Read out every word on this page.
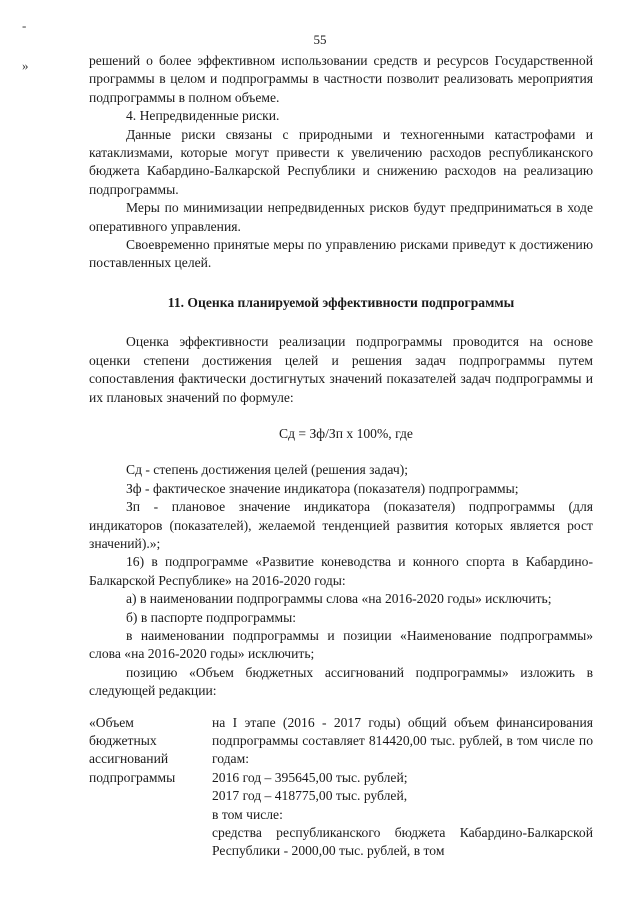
55
-
»	решений о более эффективном использовании средств и ресурсов Государственной программы в целом и подпрограммы в частности позволит реализовать мероприятия подпрограммы в полном объеме.

4. Непредвиденные риски.

Данные риски связаны с природными и техногенными катастрофами и катаклизмами, которые могут привести к увеличению расходов республиканского бюджета Кабардино-Балкарской Республики и снижению расходов на реализацию подпрограммы.

Меры по минимизации непредвиденных рисков будут предприниматься в ходе оперативного управления.

Своевременно принятые меры по управлению рисками приведут к достижению поставленных целей.

11. Оценка планируемой эффективности подпрограммы

Оценка эффективности реализации подпрограммы проводится на основе оценки степени достижения целей и решения задач подпрограммы путем сопоставления фактически достигнутых значений показателей задач подпрограммы и их плановых значений по формуле:

Сд = Зф/Зп x 100%, где

Сд - степень достижения целей (решения задач);

Зф - фактическое значение индикатора (показателя) подпрограммы;

Зп - плановое значение индикатора (показателя) подпрограммы (для индикаторов (показателей), желаемой тенденцией развития которых является рост значений).»;

16) в подпрограмме «Развитие коневодства и конного спорта в Кабардино-Балкарской Республике» на 2016-2020 годы:

а) в наименовании подпрограммы слова «на 2016-2020 годы» исключить;

б) в паспорте подпрограммы:

в наименовании подпрограммы и позиции «Наименование подпрограммы» слова «на 2016-2020 годы» исключить;

позицию «Объем бюджетных ассигнований подпрограммы» изложить в следующей редакции:

«Объем
бюджетных
ассигнований
подпрограммы

на I этапе (2016 - 2017 годы) общий объем финансирования подпрограммы составляет 814420,00 тыс. рублей, в том числе по годам:

2016 год – 395645,00 тыс. рублей;

2017 год – 418775,00 тыс. рублей,

в том числе:

средства республиканского бюджета Кабардино-Балкарской Республики - 2000,00 тыс. рублей, в том
